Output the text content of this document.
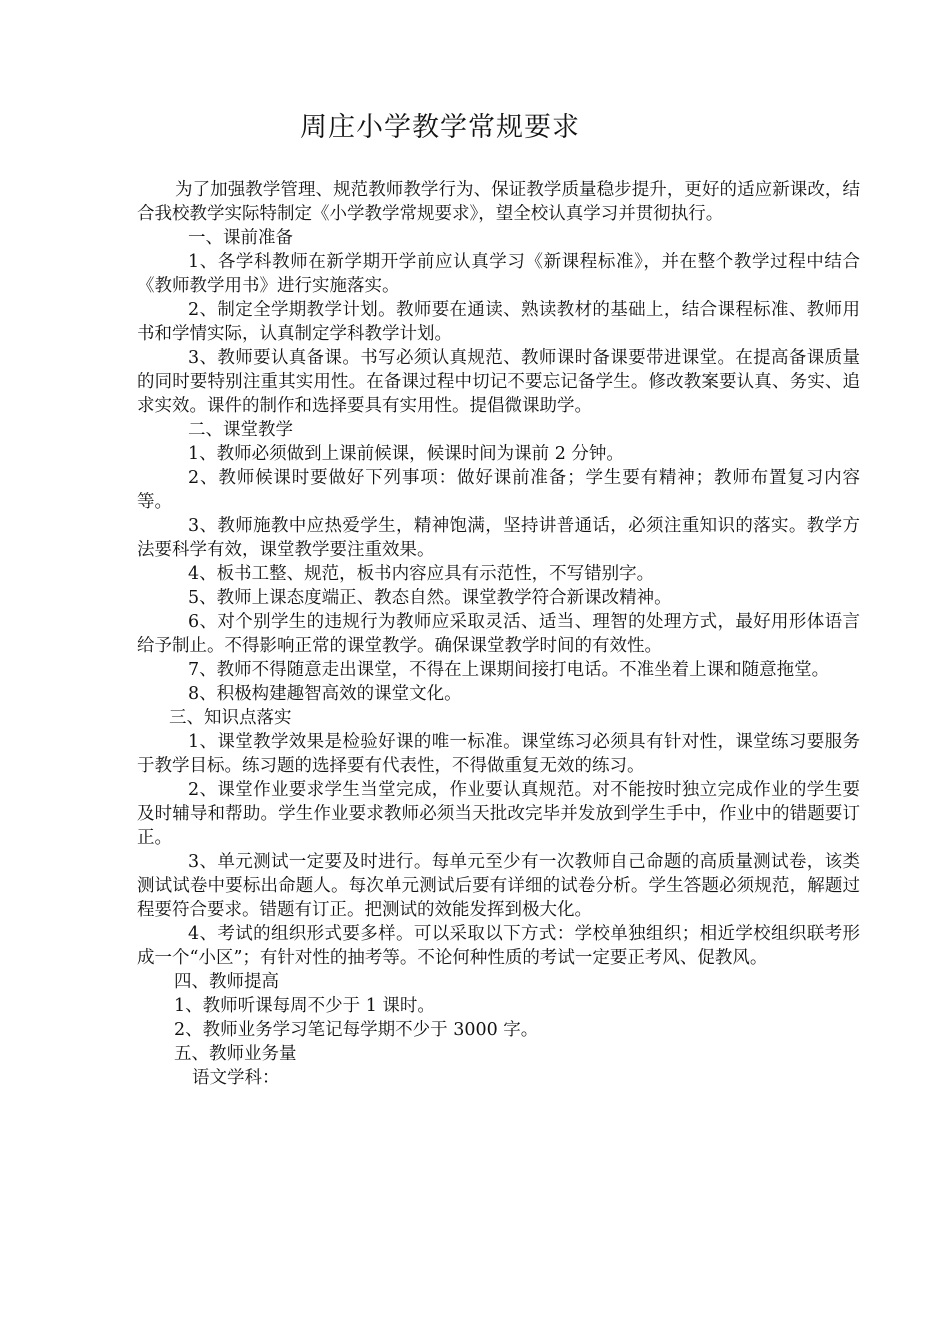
周庄小学教学常规要求

为了加强教学管理、规范教师教学行为、保证教学质量稳步提升，更好的适应新课改，结合我校教学实际特制定《小学教学常规要求》，望全校认真学习并贯彻执行。

一、课前准备

1、各学科教师在新学期开学前应认真学习《新课程标准》，并在整个教学过程中结合《教师教学用书》进行实施落实。

2、制定全学期教学计划。教师要在通读、熟读教材的基础上，结合课程标准、教师用书和学情实际，认真制定学科教学计划。

3、教师要认真备课。书写必须认真规范、教师课时备课要带进课堂。在提高备课质量的同时要特别注重其实用性。在备课过程中切记不要忘记备学生。修改教案要认真、务实、追求实效。课件的制作和选择要具有实用性。提倡微课助学。

二、课堂教学

1、教师必须做到上课前候课，候课时间为课前 2 分钟。

2、教师候课时要做好下列事项：做好课前准备；学生要有精神；教师布置复习内容等。

3、教师施教中应热爱学生，精神饱满，坚持讲普通话，必须注重知识的落实。教学方法要科学有效，课堂教学要注重效果。

4、板书工整、规范，板书内容应具有示范性，不写错别字。

5、教师上课态度端正、教态自然。课堂教学符合新课改精神。

6、对个别学生的违规行为教师应采取灵活、适当、理智的处理方式，最好用形体语言给予制止。不得影响正常的课堂教学。确保课堂教学时间的有效性。

7、教师不得随意走出课堂，不得在上课期间接打电话。不准坐着上课和随意拖堂。

8、积极构建趣智高效的课堂文化。

三、知识点落实

1、课堂教学效果是检验好课的唯一标准。课堂练习必须具有针对性，课堂练习要服务于教学目标。练习题的选择要有代表性，不得做重复无效的练习。

2、课堂作业要求学生当堂完成，作业要认真规范。对不能按时独立完成作业的学生要及时辅导和帮助。学生作业要求教师必须当天批改完毕并发放到学生手中，作业中的错题要订正。

3、单元测试一定要及时进行。每单元至少有一次教师自己命题的高质量测试卷，该类测试试卷中要标出命题人。每次单元测试后要有详细的试卷分析。学生答题必须规范，解题过程要符合要求。错题有订正。把测试的效能发挥到极大化。

4、考试的组织形式要多样。可以采取以下方式：学校单独组织；相近学校组织联考形成一个“小区”；有针对性的抽考等。不论何种性质的考试一定要正考风、促教风。

四、教师提高

1、教师听课每周不少于 1 课时。

2、教师业务学习笔记每学期不少于 3000 字。

五、教师业务量

语文学科：
